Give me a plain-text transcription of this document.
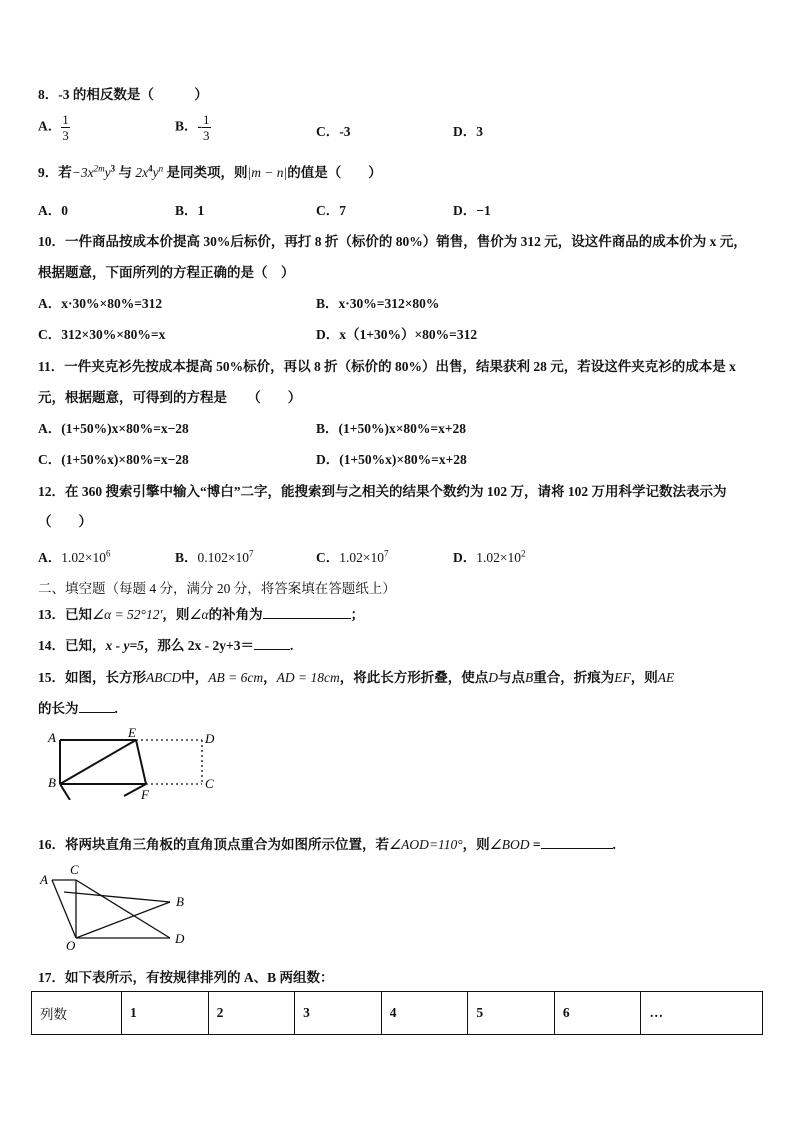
8．-3 的相反数是（　　　）
A． $\frac{1}{3}$	B．- $\frac{1}{3}$	C．-3	D．3
9．若$-3x^{2m}y^3$ 与 $2x^4y^n$ 是同类项，则|m − n|的值是（　　）
A．0	B．1	C．7	D．−1
10．一件商品按成本价提高 30%后标价，再打 8 折（标价的 80%）销售，售价为 312 元，设这件商品的成本价为 x 元，
根据题意，下面所列的方程正确的是（　）
A．x·30%×80%=312	B．x·30%=312×80%
C．312×30%×80%=x	D．x（1+30%）×80%=312
11．一件夹克衫先按成本提高 50%标价，再以 8 折（标价的 80%）出售，结果获利 28 元，若设这件夹克衫的成本是 x
元，根据题意，可得到的方程是　　（　　）
A．(1+50%)x×80%=x−28	B．(1+50%)x×80%=x+28
C．(1+50%x)×80%=x−28	D．(1+50%x)×80%=x+28
12．在 360 搜索引擎中输入“博白”二字，能搜索到与之相关的结果个数约为 102 万，请将 102 万用科学记数法表示为
（　　）
A．$1.02\times 10^6$	B．$0.102\times 10^7$	C．$1.02\times 10^7$	D．$1.02\times 10^2$
二、填空题（每题 4 分，满分 20 分，将答案填在答题纸上）
13．已知∠α = 52°12′，则∠α的补角为	；
14．已知，x - y=5，那么 2x - 2y+3＝	.
15．如图，长方形ABCD中，AB = 6cm，AD = 18cm，将此长方形折叠，使点D与点B重合，折痕为EF，则AE
的长为	.
A	E	D
B
F
C
16．将两块直角三角板的直角顶点重合为如图所示位置，若∠AOD=110°，则∠BOD =	.
A
C
B
O	D
17．如下表所示，有按规律排列的 A、B 两组数：
列数	1	2	3	4	5	6	…
